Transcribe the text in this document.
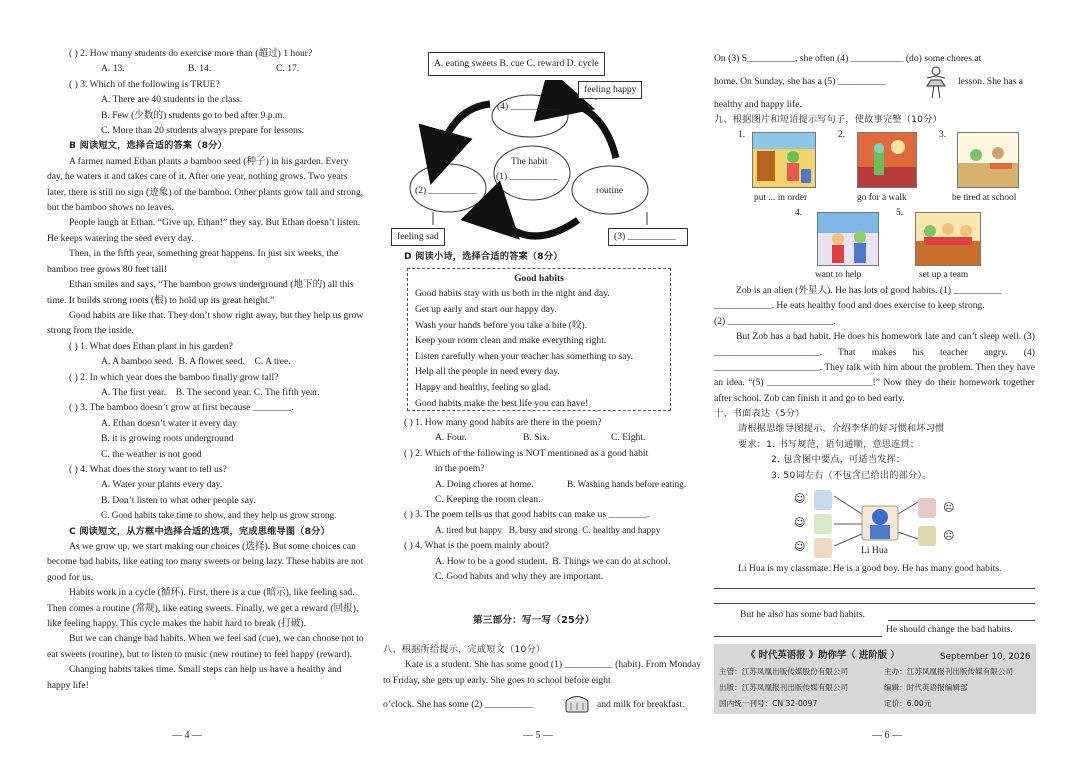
( ) 2. How many students do exercise more than (超过) 1 hour?

A. 13.	B. 14.	C. 17.

( ) 3. Which of the following is TRUE?

A. There are 40 students in the class.

B. Few (少数的) students go to bed after 9 p.m.

C. More than 20 students always prepare for lessons.

B 阅读短文，选择合适的答案（8分）

A farmer named Ethan plants a bamboo seed (种子) in his garden. Every day, he waters it and takes care of it. After one year, nothing grows. Two years later, there is still no sign (迹象) of the bamboo. Other plants grow tall and strong, but the bamboo shows no leaves.

People laugh at Ethan. “Give up, Ethan!” they say. But Ethan doesn’t listen. He keeps watering the seed every day.

Then, in the fifth year, something great happens. In just six weeks, the bamboo tree grows 80 feet tall!

Ethan smiles and says, “The bamboo grows underground (地下的) all this time. It builds strong roots (根) to hold up its great height.”

Good habits are like that. They don’t show right away, but they help us grow strong from the inside.

( ) 1. What does Ethan plant in his garden?

A. A bamboo seed.  B. A flower seed.    C. A tree.

( ) 2. In which year does the bamboo finally grow tall?

A. The first year.    B. The second year. C. The fifth year.

( ) 3. The bamboo doesn’t grow at first because ________.

A. Ethan doesn’t water it every day

B. it is growing roots underground

C. the weather is not good

( ) 4. What does the story want to tell us?

A. Water your plants every day.

B. Don’t listen to what other people say.

C. Good habits take time to show, and they help us grow strong.

C 阅读短文，从方框中选择合适的选项，完成思维导图（8分）

As we grow up, we start making our choices (选择). But some choices can become bad habits, like eating too many sweets or being lazy. These habits are not good for us.

Habits work in a cycle (循环). First, there is a cue (暗示), like feeling sad. Then comes a routine (常规), like eating sweets. Finally, we get a reward (回报), like feeling happy. This cycle makes the habit hard to break (打破).

But we can change bad habits. When we feel sad (cue), we can choose not to eat sweets (routine), but to listen to music (new routine) to feel happy (reward).

Changing habits takes time. Small steps can help us have a healthy and happy life!

A. eating sweets B. cue C. reward D. cycle
feeling happy
(4) __________
The habit
(1) __________
(2) __________	routine
feeling sad	(3) __________
D 阅读小诗，选择合适的答案（8分）
Good habits
Good habits stay with us both in the night and day.
Get up early and start our happy day.
Wash your hands before you take a bite (咬).
Keep your room clean and make everything right.
Listen carefully when your teacher has something to say.
Help all the people in need every day.
Happy and healthy, feeling so glad.
Good habits make the best life you can have!

( ) 1. How many good habits are there in the poem?

A. Four.	B. Six.	C. Eight.

( ) 2. Which of the following is NOT mentioned as a good habit

in the poem?

A. Doing chores at home.	B. Washing hands before eating.

C. Keeping the room clean.

( ) 3. The poem tells us that good habits can make us ________.

A. tired but happy   B. busy and strong  C. healthy and happy

( ) 4. What is the poem mainly about?

A. How to be a good student.  B. Things we can do at school.

C. Good habits and why they are important.

第三部分：写一写（25分）
八、根据所给提示，完成短文（10分）
Kate is a student. She has some good (1) __________ (habit). From Monday to Friday, she gets up early. She goes to school before eight
o’clock. She has some (2) __________	and milk for breakfast.
On (3) S__________, she often (4) ___________ (do) some chores at
home. On Sunday, she has a (5) __________	lesson. She has a
healthy and happy life.
九、根据图片和短语提示写句子，使故事完整（10分）
1.	2.	3.
put ... in order	go for a walk	be tired at school
4.	5.
want to help	set up a team

Zob is an alien (外星人). He has lots of good habits. (1) __________

____________. He eats healthy food and does exercise to keep strong.

(2) ______________________.

But Zob has a bad habit. He does his homework late and can’t sleep well. (3) ______________________. That makes his teacher angry. (4) ______________________. They talk with him about the problem. Then they have an idea. “(5) ______________________!” Now they do their homework together after school. Zob can finish it and go to bed early.

十、书面表达（5分）
请根据思维导图提示，介绍李华的好习惯和坏习惯
要求：1. 书写规范，语句通顺，意思连贯；
2. 包含图中要点，可适当发挥；
3. 50词左右（不包含已给出的部分）。
☺
☺
☺
☹
☹
Li Hua
Li Hua is my classmate. He is a good boy. He has many good habits.
But he also has some bad habits.
He should change the bad habits.
《 时代英语报 》助你学（ 进阶版 ）	September 10, 2026
主管：江苏凤凰出版传媒股份有限公司	主办：江苏凤凰报刊出版传媒有限公司
出版：江苏凤凰报刊出版传媒有限公司	编辑：时代英语报编辑部
国内统一刊号：CN 32-0097	定价：6.00元
— 4 —	— 5 —	— 6 —
